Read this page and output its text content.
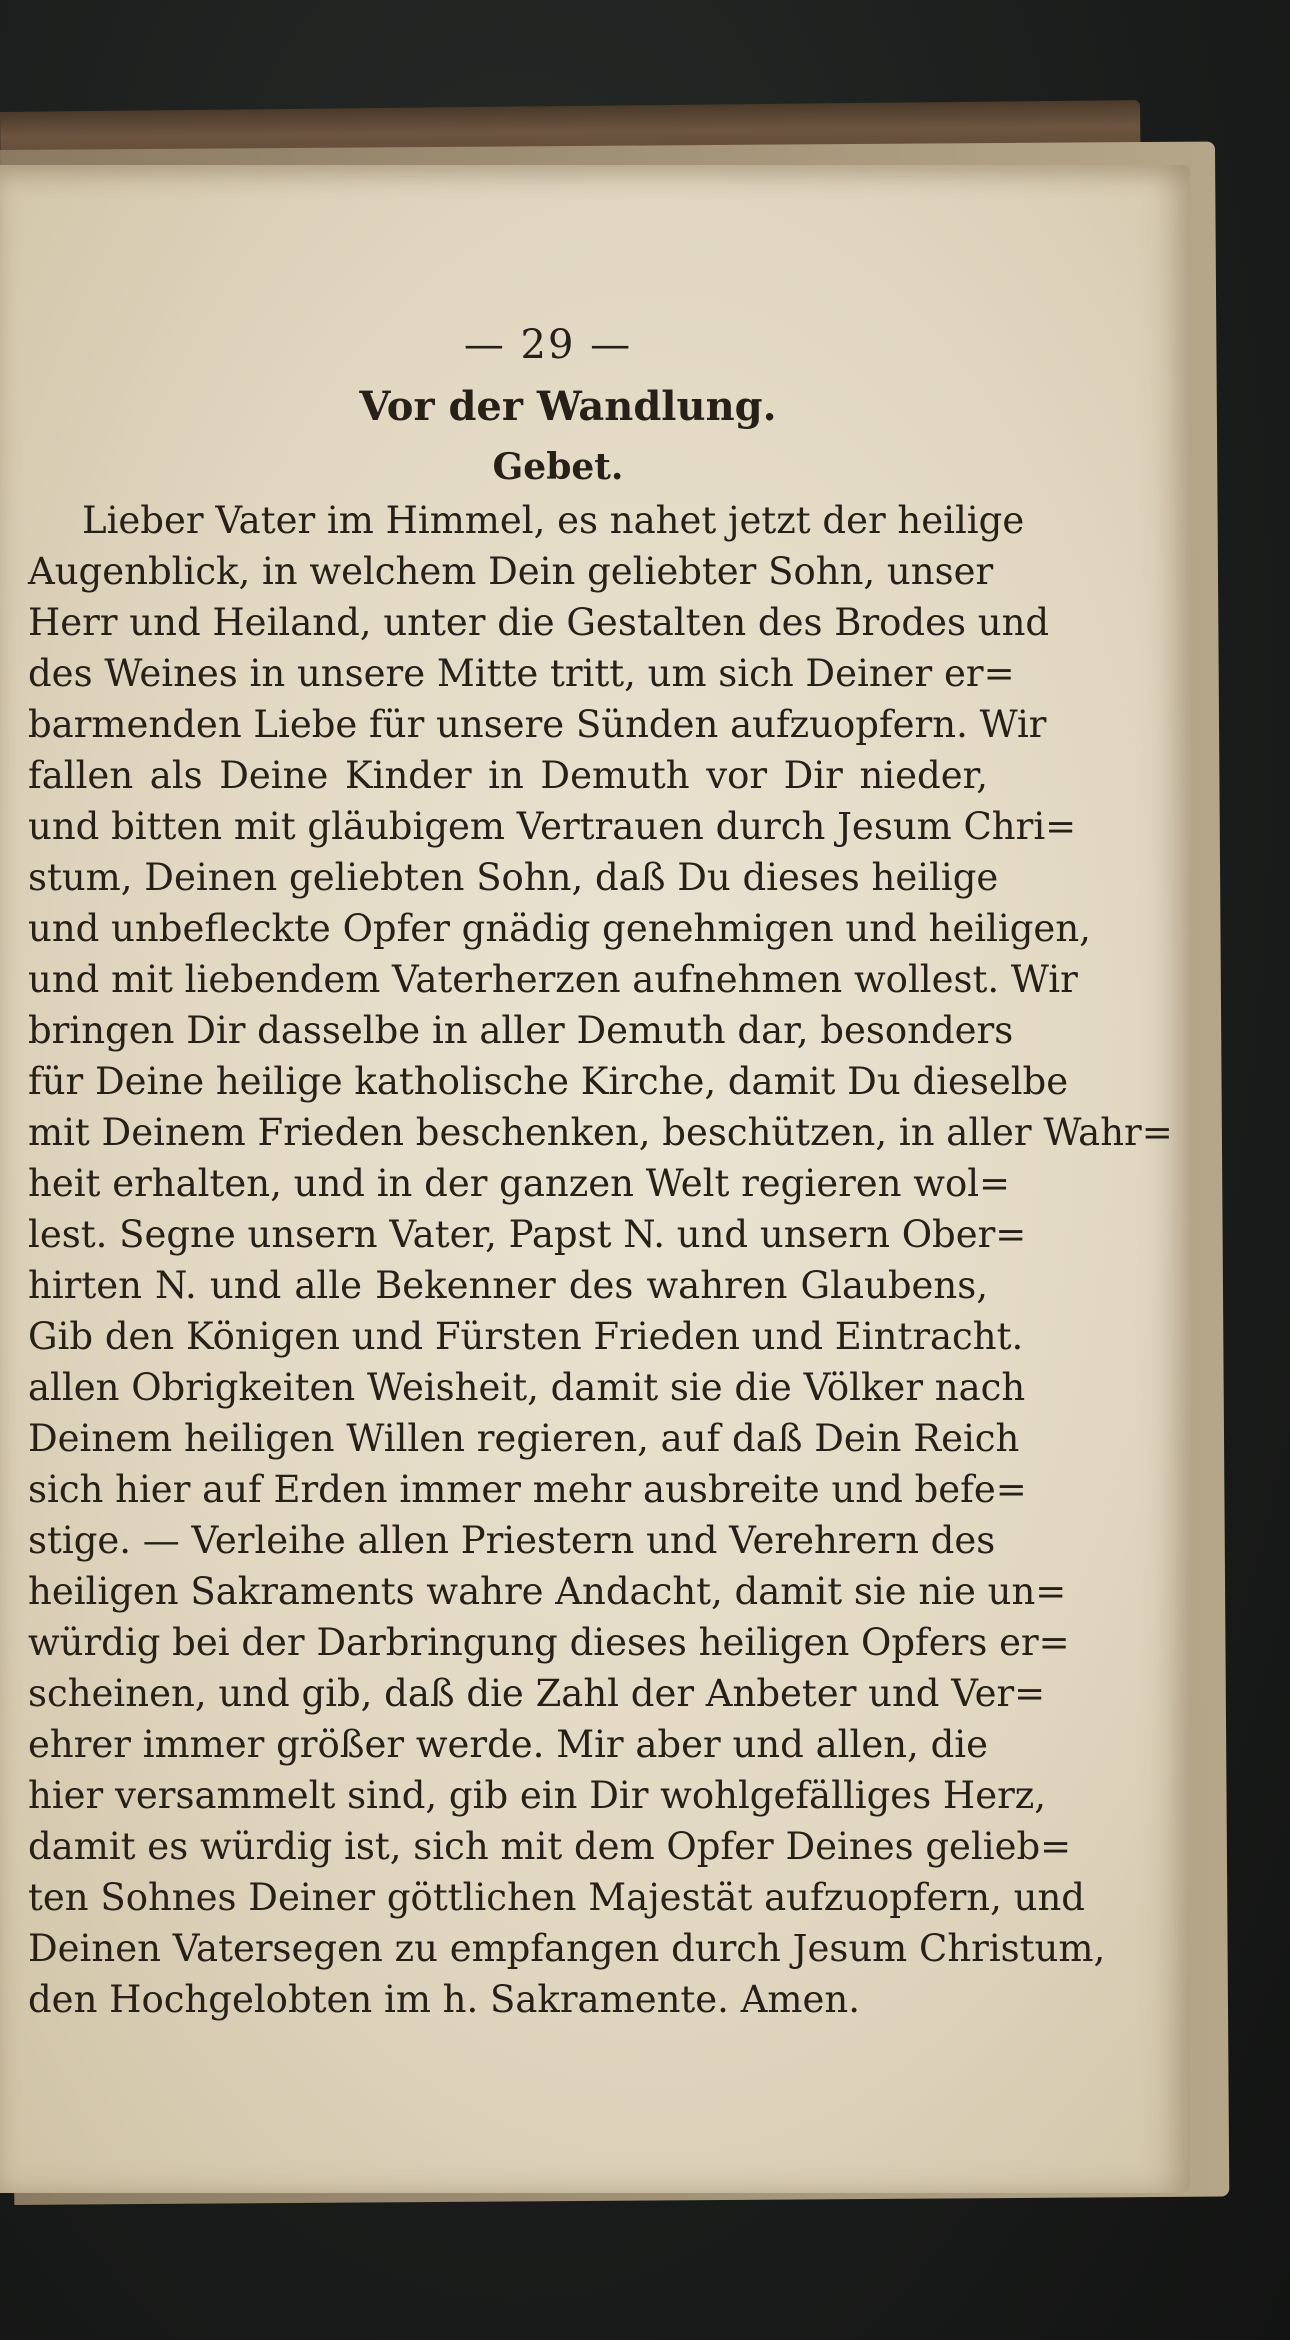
— 29 —
Vor der Wandlung.
Gebet.
Lieber Vater im Himmel, es nahet jetzt der heilige
Augenblick, in welchem Dein geliebter Sohn, unser
Herr und Heiland, unter die Gestalten des Brodes und
des Weines in unsere Mitte tritt, um sich Deiner er=
barmenden Liebe für unsere Sünden aufzuopfern. Wir
fallen als Deine Kinder in Demuth vor Dir nieder,
und bitten mit gläubigem Vertrauen durch Jesum Chri=
stum, Deinen geliebten Sohn, daß Du dieses heilige
und unbefleckte Opfer gnädig genehmigen und heiligen,
und mit liebendem Vaterherzen aufnehmen wollest. Wir
bringen Dir dasselbe in aller Demuth dar, besonders
für Deine heilige katholische Kirche, damit Du dieselbe
mit Deinem Frieden beschenken, beschützen, in aller Wahr=
heit erhalten, und in der ganzen Welt regieren wol=
lest. Segne unsern Vater, Papst N. und unsern Ober=
hirten N. und alle Bekenner des wahren Glaubens,
Gib den Königen und Fürsten Frieden und Eintracht.
allen Obrigkeiten Weisheit, damit sie die Völker nach
Deinem heiligen Willen regieren, auf daß Dein Reich
sich hier auf Erden immer mehr ausbreite und befe=
stige. — Verleihe allen Priestern und Verehrern des
heiligen Sakraments wahre Andacht, damit sie nie un=
würdig bei der Darbringung dieses heiligen Opfers er=
scheinen, und gib, daß die Zahl der Anbeter und Ver=
ehrer immer größer werde. Mir aber und allen, die
hier versammelt sind, gib ein Dir wohlgefälliges Herz,
damit es würdig ist, sich mit dem Opfer Deines gelieb=
ten Sohnes Deiner göttlichen Majestät aufzuopfern, und
Deinen Vatersegen zu empfangen durch Jesum Christum,
den Hochgelobten im h. Sakramente. Amen.
